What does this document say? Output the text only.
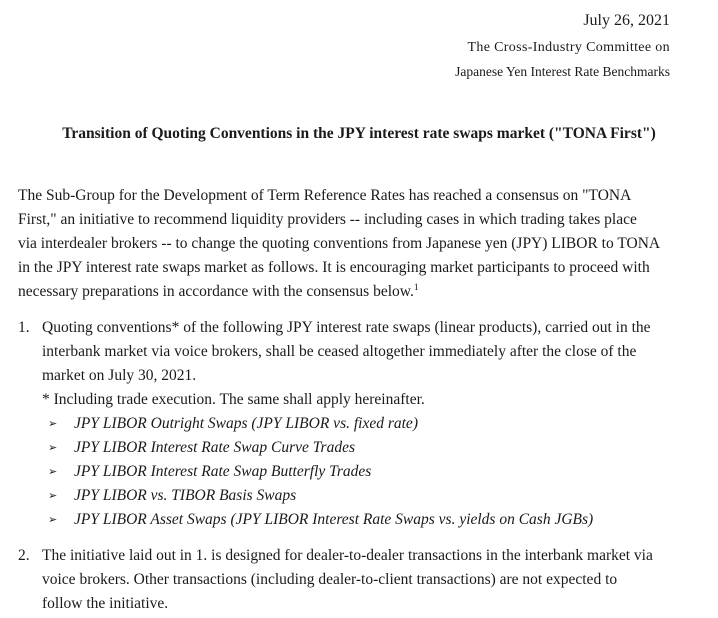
July 26, 2021
The Cross-Industry Committee on
Japanese Yen Interest Rate Benchmarks
Transition of Quoting Conventions in the JPY interest rate swaps market ("TONA First")
The Sub-Group for the Development of Term Reference Rates has reached a consensus on "TONA
First," an initiative to recommend liquidity providers -- including cases in which trading takes place
via interdealer brokers -- to change the quoting conventions from Japanese yen (JPY) LIBOR to TONA
in the JPY interest rate swaps market as follows. It is encouraging market participants to proceed with
necessary preparations in accordance with the consensus below.$^1$
1. Quoting conventions* of the following JPY interest rate swaps (linear products), carried out in the
interbank market via voice brokers, shall be ceased altogether immediately after the close of the
market on July 30, 2021.
* Including trade execution. The same shall apply hereinafter.
➢ JPY LIBOR Outright Swaps (JPY LIBOR vs. fixed rate)
➢ JPY LIBOR Interest Rate Swap Curve Trades
➢ JPY LIBOR Interest Rate Swap Butterfly Trades
➢ JPY LIBOR vs. TIBOR Basis Swaps
➢ JPY LIBOR Asset Swaps (JPY LIBOR Interest Rate Swaps vs. yields on Cash JGBs)
2. The initiative laid out in 1. is designed for dealer-to-dealer transactions in the interbank market via
voice brokers. Other transactions (including dealer-to-client transactions) are not expected to
follow the initiative.
